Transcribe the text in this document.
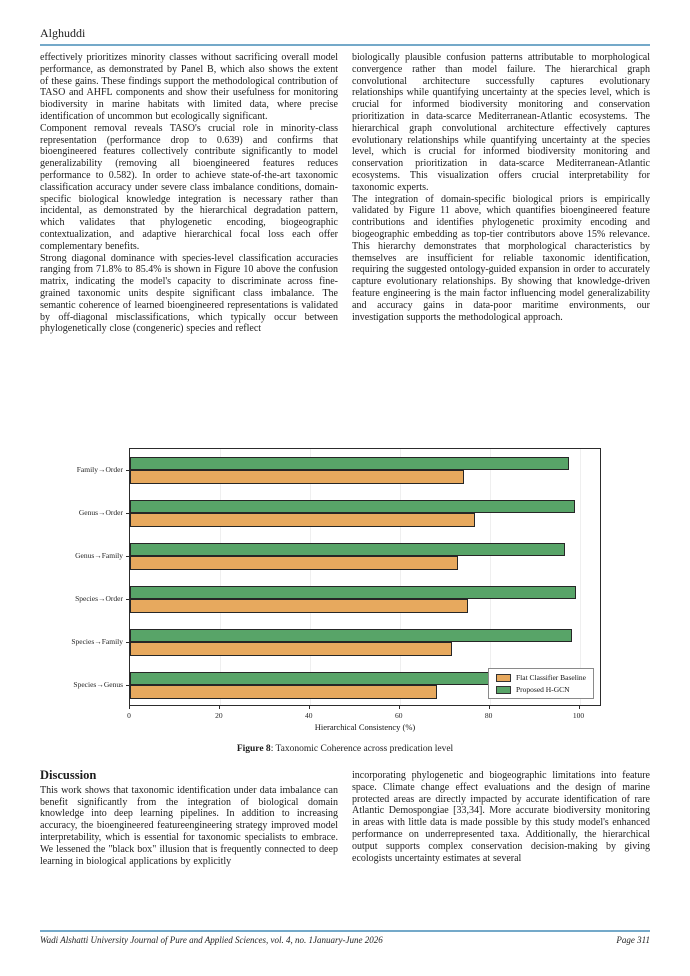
Alghuddi

effectively prioritizes minority classes without sacrificing overall model performance, as demonstrated by Panel B, which also shows the extent of these gains. These findings support the methodological contribution of TASO and AHFL components and show their usefulness for monitoring biodiversity in marine habitats with limited data, where precise identification of uncommon but ecologically significant.

Component removal reveals TASO's crucial role in minority-class representation (performance drop to 0.639) and confirms that bioengineered features collectively contribute significantly to model generalizability (removing all bioengineered features reduces performance to 0.582). In order to achieve state-of-the-art taxonomic classification accuracy under severe class imbalance conditions, domain-specific biological knowledge integration is necessary rather than incidental, as demonstrated by the hierarchical degradation pattern, which validates that phylogenetic encoding, biogeographic contextualization, and adaptive hierarchical focal loss each offer complementary benefits.

Strong diagonal dominance with species-level classification accuracies ranging from 71.8% to 85.4% is shown in Figure 10 above the confusion matrix, indicating the model's capacity to discriminate across fine-grained taxonomic units despite significant class imbalance. The semantic coherence of learned bioengineered representations is validated by off-diagonal misclassifications, which typically occur between phylogenetically close (congeneric) species and reflect

biologically plausible confusion patterns attributable to morphological convergence rather than model failure. The hierarchical graph convolutional architecture successfully captures evolutionary relationships while quantifying uncertainty at the species level, which is crucial for informed biodiversity monitoring and conservation prioritization in data-scarce Mediterranean-Atlantic ecosystems. The hierarchical graph convolutional architecture effectively captures evolutionary relationships while quantifying uncertainty at the species level, which is crucial for informed biodiversity monitoring and conservation prioritization in data-scarce Mediterranean-Atlantic ecosystems. This visualization offers crucial interpretability for taxonomic experts.

The integration of domain-specific biological priors is empirically validated by Figure 11 above, which quantifies bioengineered feature contributions and identifies phylogenetic proximity encoding and biogeographic embedding as top-tier contributors above 15% relevance. This hierarchy demonstrates that morphological characteristics by themselves are insufficient for reliable taxonomic identification, requiring the suggested ontology-guided expansion in order to accurately capture evolutionary relationships. By showing that knowledge-driven feature engineering is the main factor influencing model generalizability and accuracy gains in data-poor maritime environments, our investigation supports the methodological approach.

Flat Classifier Baseline
Proposed H-GCN
Family→Order
Genus→Order
Genus→Family
Species→Order
Species→Family
Species→Genus
0	20	40	60	80	100
Hierarchical Consistency (%)
Figure 8: Taxonomic Coherence across predication level
Discussion

This work shows that taxonomic identification under data imbalance can benefit significantly from the integration of biological domain knowledge into deep learning pipelines. In addition to increasing accuracy, the bioengineered featureengineering strategy improved model interpretability, which is essential for taxonomic specialists to embrace. We lessened the "black box" illusion that is frequently connected to deep learning in biological applications by explicitly

incorporating phylogenetic and biogeographic limitations into feature space. Climate change effect evaluations and the design of marine protected areas are directly impacted by accurate identification of rare Atlantic Demospongiae [33,34]. More accurate biodiversity monitoring in areas with little data is made possible by this study model's enhanced performance on underrepresented taxa. Additionally, the hierarchical output supports complex conservation decision-making by giving ecologists uncertainty estimates at several

Wadi Alshatti University Journal of Pure and Applied Sciences, vol. 4, no. 1January-June 2026	Page 311
